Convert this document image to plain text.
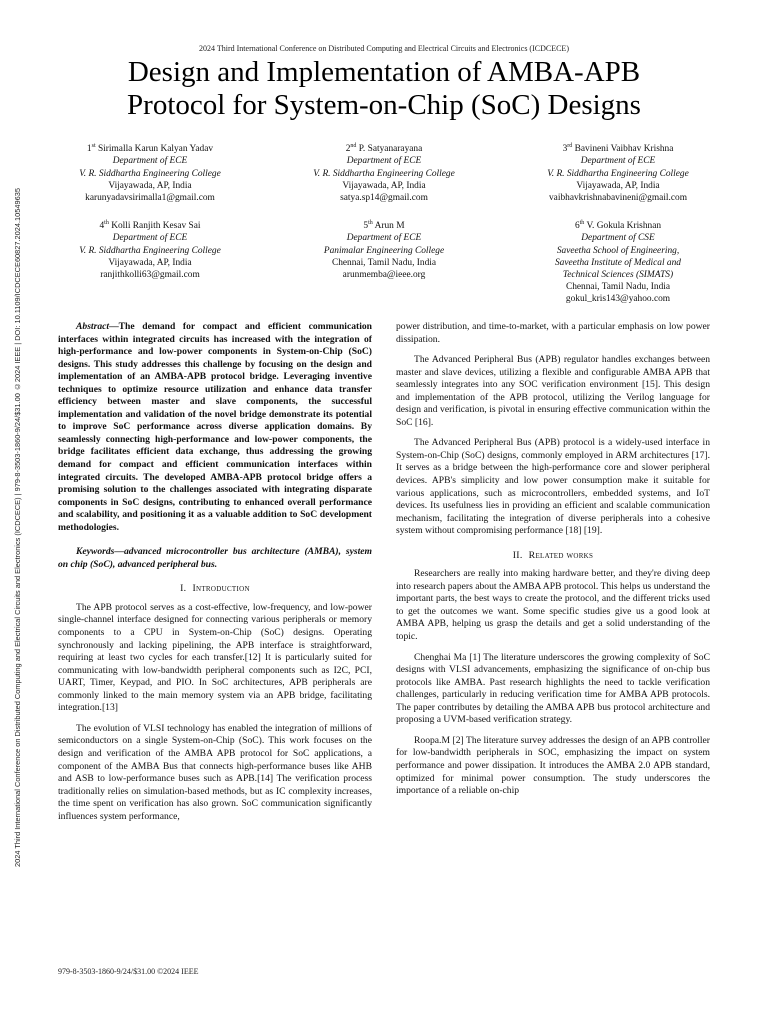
2024 Third International Conference on Distributed Computing and Electrical Circuits and Electronics (ICDCECE)
Design and Implementation of AMBA-APB
Protocol for System-on-Chip (SoC) Designs
2024 Third International Conference on Distributed Computing and Electrical Circuits and Electronics (ICDCECE) | 979-8-3503-1860-9/24/$31.00 ©2024 IEEE | DOI: 10.1109/ICDCECE60827.2024.10549635
1st Sirimalla Karun Kalyan Yadav
Department of ECE
V. R. Siddhartha Engineering College
Vijayawada, AP, India
karunyadavsirimalla1@gmail.com
2nd P. Satyanarayana
Department of ECE
V. R. Siddhartha Engineering College
Vijayawada, AP, India
satya.sp14@gmail.com
3rd Bavineni Vaibhav Krishna
Department of ECE
V. R. Siddhartha Engineering College
Vijayawada, AP, India
vaibhavkrishnabavineni@gmail.com
4th Kolli Ranjith Kesav Sai
Department of ECE
V. R. Siddhartha Engineering College
Vijayawada, AP, India
ranjithkolli63@gmail.com
5th Arun M
Department of ECE
Panimalar Engineering College
Chennai, Tamil Nadu, India
arunmemba@ieee.org
6th V. Gokula Krishnan
Department of CSE
Saveetha School of Engineering,
Saveetha Institute of Medical and
Technical Sciences (SIMATS)
Chennai, Tamil Nadu, India
gokul_kris143@yahoo.com

Abstract—The demand for compact and efficient communication interfaces within integrated circuits has increased with the integration of high-performance and low-power components in System-on-Chip (SoC) designs. This study addresses this challenge by focusing on the design and implementation of an AMBA-APB protocol bridge. Leveraging inventive techniques to optimize resource utilization and enhance data transfer efficiency between master and slave components, the successful implementation and validation of the novel bridge demonstrate its potential to improve SoC performance across diverse application domains. By seamlessly connecting high-performance and low-power components, the bridge facilitates efficient data exchange, thus addressing the growing demand for compact and efficient communication interfaces within integrated circuits. The developed AMBA-APB protocol bridge offers a promising solution to the challenges associated with integrating disparate components in SoC designs, contributing to enhanced overall performance and scalability, and positioning it as a valuable addition to SoC development methodologies.

Keywords—advanced microcontroller bus architecture (AMBA), system on chip (SoC), advanced peripheral bus.

I. Introduction

The APB protocol serves as a cost-effective, low-frequency, and low-power single-channel interface designed for connecting various peripherals or memory components to a CPU in System-on-Chip (SoC) designs. Operating synchronously and lacking pipelining, the APB interface is straightforward, requiring at least two cycles for each transfer.[12] It is particularly suited for communicating with low-bandwidth peripheral components such as I2C, PCI, UART, Timer, Keypad, and PIO. In SoC architectures, APB peripherals are commonly linked to the main memory system via an APB bridge, facilitating integration.[13]

The evolution of VLSI technology has enabled the integration of millions of semiconductors on a single System-on-Chip (SoC). This work focuses on the design and verification of the AMBA APB protocol for SoC applications, a component of the AMBA Bus that connects high-performance buses like AHB and ASB to low-performance buses such as APB.[14] The verification process traditionally relies on simulation-based methods, but as IC complexity increases, the time spent on verification has also grown. SoC communication significantly influences system performance,

power distribution, and time-to-market, with a particular emphasis on low power dissipation.

The Advanced Peripheral Bus (APB) regulator handles exchanges between master and slave devices, utilizing a flexible and configurable AMBA APB that seamlessly integrates into any SOC verification environment [15]. This design and implementation of the APB protocol, utilizing the Verilog language for design and verification, is pivotal in ensuring effective communication within the SoC [16].

The Advanced Peripheral Bus (APB) protocol is a widely-used interface in System-on-Chip (SoC) designs, commonly employed in ARM architectures [17]. It serves as a bridge between the high-performance core and slower peripheral devices. APB's simplicity and low power consumption make it suitable for various applications, such as microcontrollers, embedded systems, and IoT devices. Its usefulness lies in providing an efficient and scalable communication mechanism, facilitating the integration of diverse peripherals into a cohesive system without compromising performance [18] [19].

II. Related works

Researchers are really into making hardware better, and they're diving deep into research papers about the AMBA APB protocol. This helps us understand the important parts, the best ways to create the protocol, and the different tricks used to get the outcomes we want. Some specific studies give us a good look at AMBA APB, helping us grasp the details and get a solid understanding of the topic.

Chenghai Ma [1] The literature underscores the growing complexity of SoC designs with VLSI advancements, emphasizing the significance of on-chip bus protocols like AMBA. Past research highlights the need to tackle verification challenges, particularly in reducing verification time for AMBA APB protocols. The paper contributes by detailing the AMBA APB bus protocol architecture and proposing a UVM-based verification strategy.

Roopa.M [2] The literature survey addresses the design of an APB controller for low-bandwidth peripherals in SOC, emphasizing the impact on system performance and power dissipation. It introduces the AMBA 2.0 APB standard, optimized for minimal power consumption. The study underscores the importance of a reliable on-chip

979-8-3503-1860-9/24/$31.00 ©2024 IEEE
